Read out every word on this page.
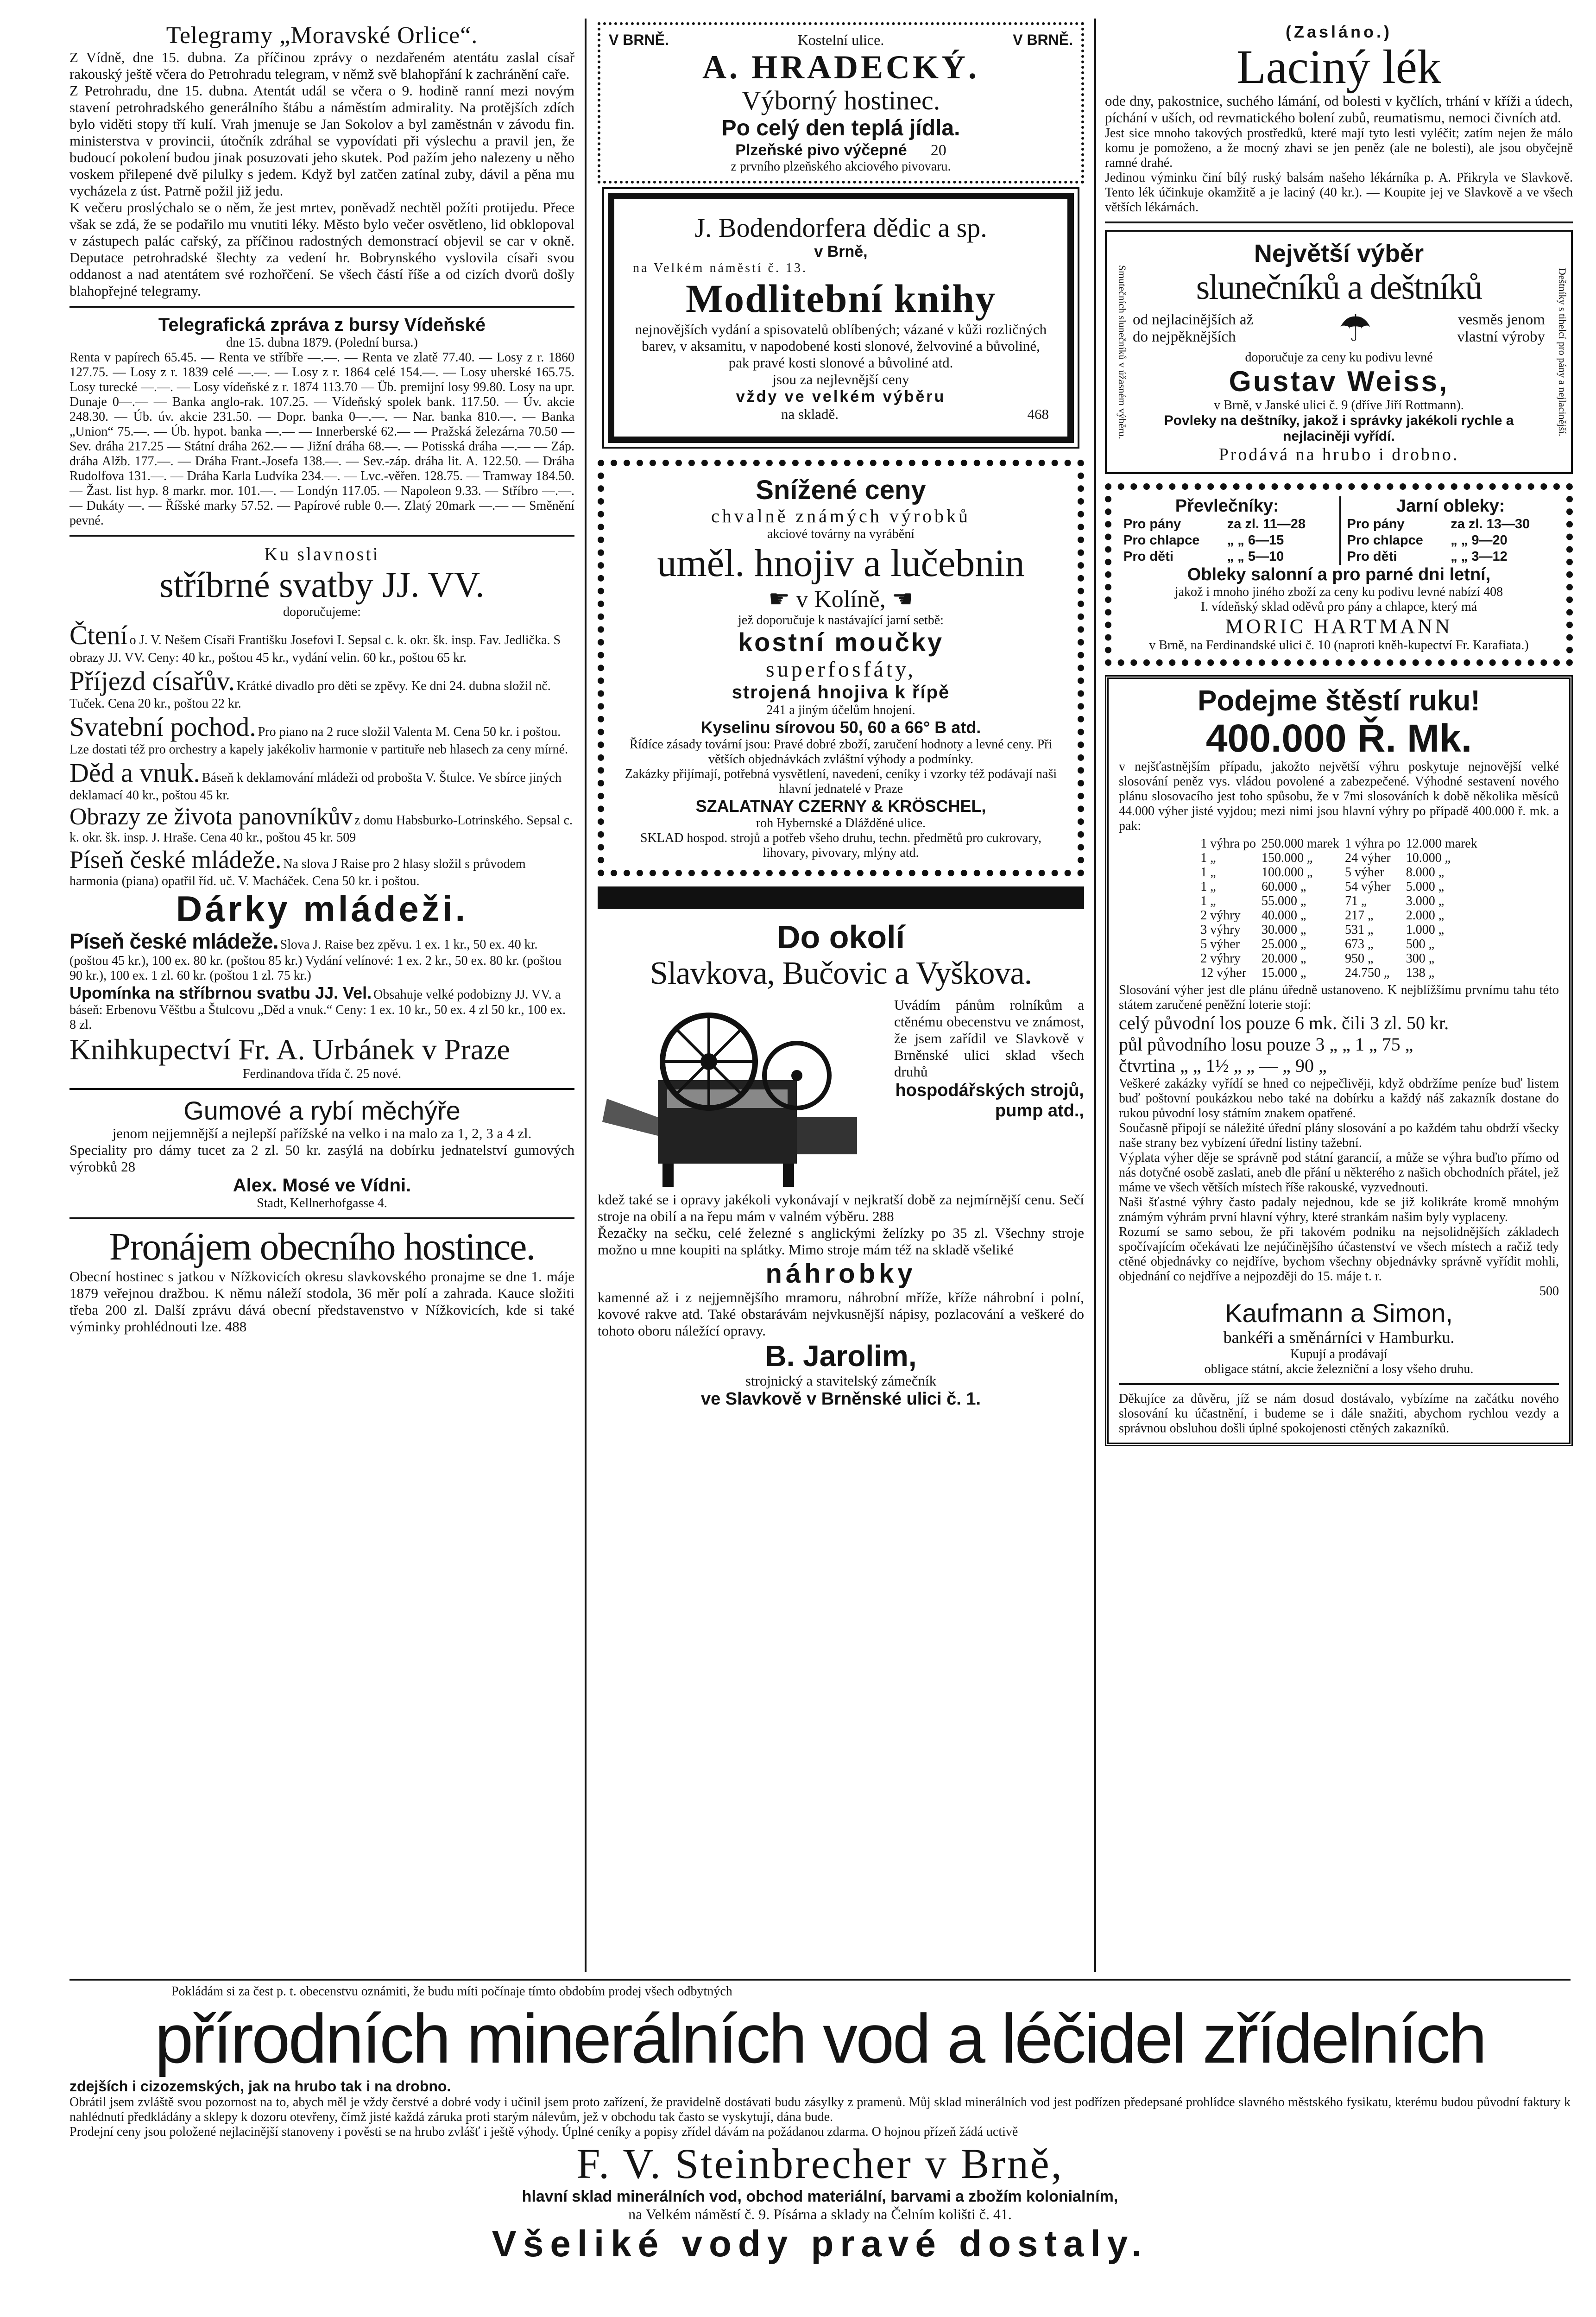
Telegramy „Moravské Orlice“.

Z Vídně, dne 15. dubna. Za příčinou zprávy o nezdařeném atentátu zaslal císař rakouský ještě včera do Petrohradu telegram, v němž svě blahopřání k zachránění caře.

Z Petrohradu, dne 15. dubna. Atentát udál se včera o 9. hodině ranní mezi novým stavení petrohradského generálního štábu a náměstím admirality. Na protějších zdích bylo viděti stopy tří kulí. Vrah jmenuje se Jan Sokolov a byl zaměstnán v závodu fin. ministerstva v provincii, útočník zdráhal se vypovídati při výslechu a pravil jen, že budoucí pokolení budou jinak posuzovati jeho skutek. Pod pažím jeho nalezeny u něho voskem přilepené dvě pilulky s jedem. Když byl zatčen zatínal zuby, dávil a pěna mu vycházela z úst. Patrně požil již jedu.

K večeru proslýchalo se o něm, že jest mrtev, poněvadž nechtěl požíti protijedu. Přece však se zdá, že se podařilo mu vnutiti léky. Město bylo večer osvětleno, lid obklopoval v zástupech palác cařský, za příčinou radostných demonstrací objevil se car v okně. Deputace petrohradské šlechty za vedení hr. Bobrynského vyslovila císaři svou oddanost a nad atentátem své rozhořčení. Se všech částí říše a od cizích dvorů došly blahopřejné telegramy.

Telegrafická zpráva z bursy Vídeňské

dne 15. dubna 1879. (Polední bursa.)

Renta v papírech 65.45. — Renta ve stříbře —.—. — Renta ve zlatě 77.40. — Losy z r. 1860 127.75. — Losy z r. 1839 celé —.—. — Losy z r. 1864 celé 154.—. — Losy uherské 165.75. Losy turecké —.—. — Losy vídeňské z r. 1874 113.70 — Üb. premijní losy 99.80. Losy na upr. Dunaje 0—.— — Banka anglo-rak. 107.25. — Vídeňský spolek bank. 117.50. — Úv. akcie 248.30. — Úb. úv. akcie 231.50. — Dopr. banka 0—.—. — Nar. banka 810.—. — Banka „Union“ 75.—. — Úb. hypot. banka —.— — Innerberské 62.— — Pražská železárna 70.50 — Sev. dráha 217.25 — Státní dráha 262.— — Jižní dráha 68.—. — Potisská dráha —.— — Záp. dráha Alžb. 177.—. — Dráha Frant.-Josefa 138.—. — Sev.-záp. dráha lit. A. 122.50. — Dráha Rudolfova 131.—. — Dráha Karla Ludvíka 234.—. — Lvc.-věřen. 128.75. — Tramway 184.50. — Žast. list hyp. 8 markr. mor. 101.—. — Londýn 117.05. — Napoleon 9.33. — Stříbro —.—. — Dukáty —. — Říšské marky 57.52. — Papírové ruble 0.—. Zlatý 20mark —.— — Směnění pevné.

Ku slavnosti

stříbrné svatby JJ. VV.

doporučujeme:

Čtení o J. V. Nešem Císaři Františku Josefovi I. Sepsal c. k. okr. šk. insp. Fav. Jedlička. S obrazy JJ. VV. Ceny: 40 kr., poštou 45 kr., vydání velin. 60 kr., poštou 65 kr.
Příjezd císařův. Krátké divadlo pro děti se zpěvy. Ke dni 24. dubna složil nč. Tuček. Cena 20 kr., poštou 22 kr.
Svatební pochod. Pro piano na 2 ruce složil Valenta M. Cena 50 kr. i poštou. Lze dostati též pro orchestry a kapely jakékoliv harmonie v partituře neb hlasech za ceny mírné.
Děd a vnuk. Báseň k deklamování mládeži od probošta V. Štulce. Ve sbírce jiných deklamací 40 kr., poštou 45 kr.
Obrazy ze života panovníkův z domu Habsburko-Lotrinského. Sepsal c. k. okr. šk. insp. J. Hraše. Cena 40 kr., poštou 45 kr. 509
Píseň české mládeže. Na slova J Raise pro 2 hlasy složil s průvodem harmonia (piana) opatřil říd. uč. V. Macháček. Cena 50 kr. i poštou.

Dárky mládeži.

Píseň české mládeže. Slova J. Raise bez zpěvu. 1 ex. 1 kr., 50 ex. 40 kr. (poštou 45 kr.), 100 ex. 80 kr. (poštou 85 kr.) Vydání velínové: 1 ex. 2 kr., 50 ex. 80 kr. (poštou 90 kr.), 100 ex. 1 zl. 60 kr. (poštou 1 zl. 75 kr.)
Upomínka na stříbrnou svatbu JJ. Vel. Obsahuje velké podobizny JJ. VV. a báseň: Erbenovu Věštbu a Štulcovu „Děd a vnuk.“ Ceny: 1 ex. 10 kr., 50 ex. 4 zl 50 kr., 100 ex. 8 zl.

Knihkupectví Fr. A. Urbánek v Praze

Ferdinandova třída č. 25 nové.

Gumové a rybí měchýře

jenom nejjemnější a nejlepší pařížské na velko i na malo za 1, 2, 3 a 4 zl.

Speciality pro dámy tucet za 2 zl. 50 kr. zasýlá na dobírku jednatelství gumových výrobků 28

Alex. Mosé ve Vídni.

Stadt, Kellnerhofgasse 4.

Pronájem obecního hostince.

Obecní hostinec s jatkou v Nížkovicích okresu slavkovského pronajme se dne 1. máje 1879 veřejnou dražbou. K němu náleží stodola, 36 měr polí a zahrada. Kauce složiti třeba 200 zl. Další zprávu dává obecní představenstvo v Nížkovicích, kde si také výminky prohlédnouti lze. 488

V BRNĚ.	Kostelní ulice.	V BRNĚ.

A. HRADECKÝ.

Výborný hostinec.

Po celý den teplá jídla.

Plzeňské pivo výčepné 20

z prvního plzeňského akciového pivovaru.

J. Bodendorfera dědic a sp.

v Brně,

na Velkém náměstí č. 13.

Modlitební knihy

nejnovějších vydání a spisovatelů oblíbených; vázané v kůži rozličných barev, v aksamitu, v napodobené kosti slonové, želvoviné a bůvoliné, pak pravé kosti slonové a bůvoliné atd.

jsou za nejlevnější ceny

vždy ve velkém výběru

na skladě.	468

Snížené ceny

chvalně známých výrobků

akciové továrny na vyrábění

uměl. hnojiv a lučebnin

☛ v Kolíně, ☚

jež doporučuje k nastávající jarní setbě:

kostní moučky

superfosfáty,

strojená hnojiva k řípě

241 a jiným účelům hnojení.

Kyselinu sírovou 50, 60 a 66° B atd.

Řídíce zásady tovární jsou: Pravé dobré zboží, zaručení hodnoty a levné ceny. Při větších objednávkách zvláštní výhody a podmínky.

Zakázky přijímají, potřebná vysvětlení, navedení, ceníky i vzorky též podávají naši hlavní jednatelé v Praze

SZALATNAY CZERNY & KRÖSCHEL,

roh Hybernské a Dlážděné ulice.

SKLAD hospod. strojů a potřeb všeho druhu, techn. předmětů pro cukrovary, lihovary, pivovary, mlýny atd.

Do okolí

Slavkova, Bučovic a Vyškova.

Uvádím pánům rolníkům a ctěnému obecenstvu ve známost, že jsem zařídil ve Slavkově v Brněnské ulici sklad všech druhů

hospodářských strojů, pump atd.,

kdež také se i opravy jakékoli vykonávají v nejkratší době za nejmírnější cenu. Sečí stroje na obilí a na řepu mám v valném výběru. 288

Řezačky na sečku, celé železné s anglickými želízky po 35 zl. Všechny stroje možno u mne koupiti na splátky. Mimo stroje mám též na skladě všeliké

náhrobky

kamenné až i z nejjemnějšího mramoru, náhrobní mříže, kříže náhrobní i polní, kovové rakve atd. Také obstarávám nejvkusnější nápisy, pozlacování a veškeré do tohoto oboru náležící opravy.

B. Jarolim,

strojnický a stavitelský zámečník

ve Slavkově v Brněnské ulici č. 1.

(Zasláno.)

Laciný lék

ode dny, pakostnice, suchého lámání, od bolesti v kyčlích, trhání v kříži a údech, píchání v uších, od revmatického bolení zubů, reumatismu, nemoci čivních atd.

Jest sice mnoho takových prostředků, které mají tyto lesti vyléčit; zatím nejen že málo komu je pomoženo, a že mocný zhavi se jen peněz (ale ne bolesti), ale jsou obyčejně ramné drahé.

Jedinou výminku činí bílý ruský balsám našeho lékárníka p. A. Přikryla ve Slavkově. Tento lék účinkuje okamžitě a je laciný (40 kr.). — Koupite jej ve Slavkově a ve všech větších lékárnách.

Smutečních slunečníků v úžasném výběru.	Deštníky s tihelcí pro pány a nejlacinější.

Největší výběr

slunečníků a deštníků

od nejlacinějších až

do nejpěknějších	☂	vesměs jenom

vlastní výroby

doporučuje za ceny ku podivu levné

Gustav Weiss,

v Brně, v Janské ulici č. 9 (dříve Jiří Rottmann).

Povleky na deštníky, jakož i správky jakékoli rychle a nejlaciněji vyřídí.

Prodává na hrubo i drobno.

Převlečníky:

Pro pány	za zl. 11—28
Pro chlapce	„ „ 6—15
Pro děti	„ „ 5—10

Jarní obleky:

Pro pány	za zl. 13—30
Pro chlapce	„ „ 9—20
Pro děti	„ „ 3—12

Obleky salonní a pro parné dni letní,

jakož i mnoho jiného zboží za ceny ku podivu levné nabízí 408

I. vídeňský sklad oděvů pro pány a chlapce, který má

MORIC HARTMANN

v Brně, na Ferdinandské ulici č. 10 (naproti kněh-kupectví Fr. Karafiata.)

Podejme štěstí ruku!

400.000 Ř. Mk.

v nejšťastnějším případu, jakožto největší výhru poskytuje nejnovější velké slosování peněz vys. vládou povolené a zabezpečené. Výhodné sestavení nového plánu slosovacího jest toho spůsobu, že v 7mi slosováních k době několika měsíců 44.000 výher jisté vyjdou; mezi nimi jsou hlavní výhry po případě 400.000 ř. mk. a pak:

1 výhra po	250.000 marek	1 výhra po	12.000 marek
1 „	150.000 „	24 výher	10.000 „
1 „	100.000 „	5 výher	8.000 „
1 „	60.000 „	54 výher	5.000 „
1 „	55.000 „	71 „	3.000 „
2 výhry	40.000 „	217 „	2.000 „
3 výhry	30.000 „	531 „	1.000 „
5 výher	25.000 „	673 „	500 „
2 výhry	20.000 „	950 „	300 „
12 výher	15.000 „	24.750 „	138 „

Slosování výher jest dle plánu úředně ustanoveno. K nejblížšímu prvnímu tahu této státem zaručené peněžní loterie stojí:

celý původní los pouze 6 mk. čili 3 zl. 50 kr.

půl původního losu pouze 3 „ „ 1 „ 75 „

čtvrtina „ „ 1½ „ „ — „ 90 „

Veškeré zakázky vyřídí se hned co nejpečlivěji, když obdržíme peníze buď listem buď poštovní poukázkou nebo také na dobírku a každý náš zakazník dostane do rukou původní losy státním znakem opatřené.

Současně připojí se náležité úřední plány slosování a po každém tahu obdrží všecky naše strany bez vybízení úřední listiny tažební.

Výplata výher děje se správně pod státní garancií, a může se výhra buďto přímo od nás dotyčné osobě zaslati, aneb dle přání u některého z našich obchodních přátel, jež máme ve všech větších místech říše rakouské, vyzvednouti.

Naši šťastné výhry často padaly nejednou, kde se již kolikráte kromě mnohým známým výhrám první hlavní výhry, které strankám našim byly vyplaceny.

Rozumí se samo sebou, že při takovém podniku na nejsolidnějších základech spočívajícím očekávati lze nejúčinějšího účastenství ve všech místech a račiž tedy ctěné objednávky co nejdříve, bychom všechny objednávky správně vyřídit mohli, objednání co nejdříve a nejpozději do 15. máje t. r.

500

Kaufmann a Simon,

bankéři a směnárníci v Hamburku.

Kupují a prodávají

obligace státní, akcie železniční a losy všeho druhu.

Děkujíce za důvěru, jíž se nám dosud dostávalo, vybízíme na začátku nového slosování ku účastnění, i budeme se i dále snažiti, abychom rychlou vezdy a správnou obsluhou došli úplné spokojenosti ctěných zakazníků.

Pokládám si za čest p. t. obecenstvu oznámiti, že budu míti počínaje tímto obdobím prodej všech odbytných

přírodních minerálních vod a léčidel zřídelních

zdejších i cizozemských, jak na hrubo tak i na drobno.

Obrátil jsem zvláště svou pozornost na to, abych měl je vždy čerstvé a dobré vody i učinil jsem proto zařízení, že pravidelně dostávati budu zásylky z pramenů. Můj sklad minerálních vod jest podřízen předepsané prohlídce slavného městského fysikatu, kterému budou původní faktury k nahlédnutí předkládány a sklepy k dozoru otevřeny, čímž jisté každá záruka proti starým nálevům, jež v obchodu tak často se vyskytují, dána bude.

Prodejní ceny jsou položené nejlacinější stanoveny i pověsti se na hrubo zvlášť i ještě výhody. Úplné ceníky a popisy zřídel dávám na požádanou zdarma. O hojnou přízeň žádá uctivě

F. V. Steinbrecher v Brně,

hlavní sklad minerálních vod, obchod materiální, barvami a zbožím kolonialním,

na Velkém náměstí č. 9. Písárna a sklady na Čelním kolišti č. 41.

Všeliké vody pravé dostaly.
